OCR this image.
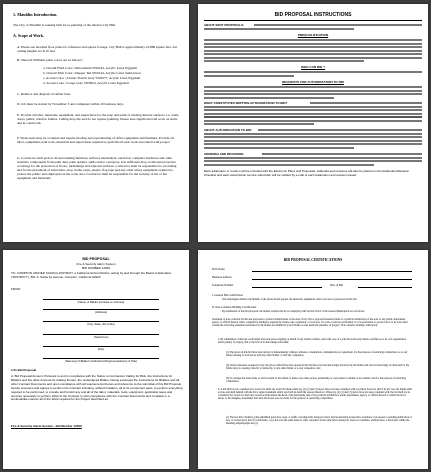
1. Mauldin Introduction.
The City of Mauldin is seeking bids for re-painting of the interior City Hall.
A. Scope of Work.
A. Please see attached floor plans for reference and square footage. City Hall is approximately 23,889 square feet. All ceiling heights are 8-10 feet.
B. Sherwin Williams paint colors are as follows:
a. Overall Field Color =Macadamia SW6142, Acrylic Latex Eggshell
b. Overall Trim Color =Dapper Tan SW6144, Acrylic Latex Semi-Gloss
c. Accent Color =Classic French Gray SW0077, Acrylic Latex Eggshell
d. Accent Color =Cargo Gray SW0024, Acrylic Latex Eggshell
C. Remove and disposal of rubber base.
D. Job must be started by November 3 and completed within 10 business days.
E. Provide all labor, materials, equipment, and supervision for the prep and paint of existing interior surfaces, i.e. walls, doors, jambs, window frames, Ceiling drop tile and do not require painting. Please note significant trim work on stairs and in courtroom.
F. Work areas may be occupied and require moving and repositioning of office equipment and furniture. Provide all labor, equipment, haul tools, materials and supervision required to perform all such work associated with project.
G. Contractor shall protect all surrounding furniture, surfaces mechanical, electrical, computer hardware and other sensitive components from paint dust, paint splatter, spills and/or overspray. Use sufficient drop cloths and protective coverings for the protection of floors, furnishings and adjacent surfaces. Contractor shall be responsible for providing and for the placement of barricades, drop cloths, tarps, plastic, flag tape and any other safety equipment required to protect the public and employees in the work area. Contractor shall be responsible for the security of his or her equipment and materials.
BID PROPOSAL INSTRUCTIONS
ABOUT IDIOT PROPOSALS:
PREQUALIFICATION
WHO CAN BID ?
REQUESTS FOR AUTHORIZATION TO BID
WHAT CONSTITUTES WRITTEN AUTHORIZATION TO BID?
ABOUT AUTHORIZATION TO BID:
ADDENDA AND REVISIONS:
Each addendum or revision will be included with the Electronic Plans and Proposals. Addenda and revisions will also be placed on the Addendum/Revision Checklist and each subscription service subscriber will be notified by e-mail of each addendum and revision issued.
BID PROPOSAL
Fire & Security Alarm System
BID NUMBER 12009
TO: COMPTON UNIFIED SCHOOL DISTRICT, a California School District, acting by and through the Board of Education ("DISTRICT"), 501 S. Santa Fe Avenue, Compton, California 90220
FROM:
(Name of Bidder as listed on License)
(Address)
(City, State, Zip Code)
(Telephone)
(Fax)
(Name(s) of Bidder's Authorized Representative(s) & Title)
1.01 Bid Proposal
A. Bid Proposal Amount: Pursuant to and in compliance with the Notice to Contractors Calling for Bids, the Instructions for Bidders and the other documents relating thereto, the undersigned Bidder, having examined the Instructions for Bidders and all other Contract Documents and upon compliance with all requirements therein and reference to the submittal of this Bid Proposal, hereby proposes and agrees to perform the Contract including, without limitation, all of its component parts, to perform everything required to be performed, to provide and furnish any and all of the labor, materials, tools, equipment, applicable taxes and services necessary to perform Work of the Contract in strict compliance with the Contract Documents and complete in a workmanlike manner all of the Work required for the Project described as:
Fire & Security Alarm System - Bid Number 12009
BID PROPOSAL CERTIFICATIONS
Firm Name
Business Address
Telephone Number	Date of Bid
I. General Bid Certification
The undersigned bidder will furnish, at the prices herein quoted, the materials, equipment, and/or services as proposed on this bid.
II. Non-Collusive Bidding Certification
By submission of this bid proposal, the bidder certifies that he is complying with Section 103-d of the General Municipal Law as follows:
Statement of non-collusion in bids and proposals to political subdivisions of the state. Every bid or proposal hereafter made to a political subdivision of the state or any public department, agency or official thereof where competitive bidding is required by statute, rule, regulation, or local law, for work or services performed or to be performed or goods sold or to be sold, shall contain the following statement subscribed by the bidder and affirmed by such bidder as true under the penalties of perjury: Non-collusive bidding certification.
a. By submission of this bid, each bidder and each person signing on behalf of any bidder certifies, and in the case of a joint bid each party thereto certifies as to its own organization, under penalty of perjury, that to the best of its knowledge and belief:
(1) The prices in this bid have been arrived at independently without collusion, consultation, communication or agreement, for the purpose of restricting competition, as to any matter relating to such prices with any other bidder or with any competitor;
(2) Unless otherwise required by law, the prices which have been quoted in this bid have not been knowingly disclosed by the bidder and will not knowingly be disclosed by the bidder prior to opening, directly or indirectly, to any other bidder or to any competitor; and
(3) No attempt has been made or will be made by the bidder to induce any other person, partnership or corporation to submit or not submit a bid for the purpose of restricting competition.
b. A bid shall not be considered for award nor shall any award be made where (a) (1) (2) and (3) above have not been complied with; provided, however, that if in any case the bidder shall at state and shall furnish with the bid a signed statement which sets forth in detail the reasons therefore. Where (a) (1) (2) and (3) above have not been complied with, the bid shall not be considered for award nor shall any award be made unless the head of the purchasing unit of the political subdivision, public department, agency or official thereof to which the bid is made, or his designee, determines that such disclosure was not made for the purpose of restricting competition.
(1) The fact that a bidder (a) has published price lists, rates, or tariffs covering items being procured, (b) has informed prospective customers of proposed or pending publication of new or revised price lists for such items, or (c) has sold the same items to other customers at the same prices being bid, does not constitute, without more, a disclosure within the meaning subparagraph one (a).
